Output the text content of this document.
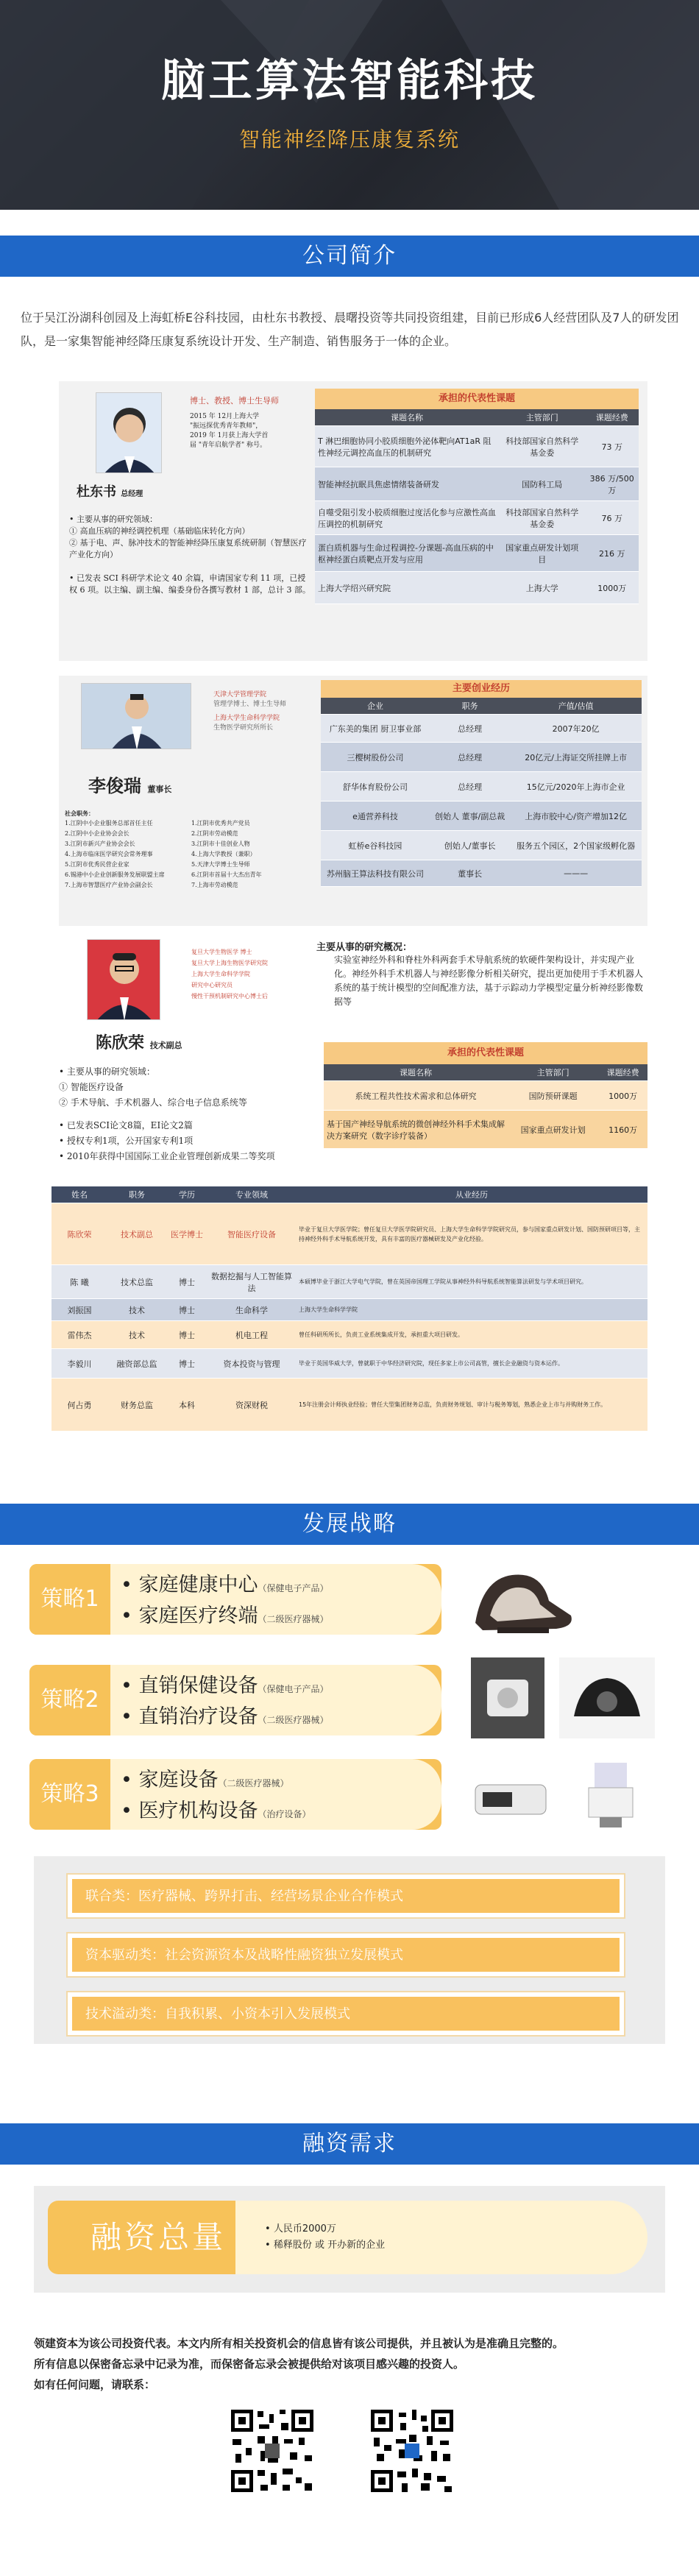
脑王算法智能科技
智能神经降压康复系统
公司简介
位于吴江汾湖科创园及上海虹桥E谷科技园，由杜东书教授、晨曙投资等共同投资组建，目前已形成6人经营团队及7人的研发团队，是一家集智能神经降压康复系统设计开发、生产制造、销售服务于一体的企业。
杜东书 总经理
博士、教授、博士生导师
2015 年 12月上海大学
"振远探优秀青年教师"，
2019 年 1月获上海大学首
届 "青年启航学者" 称号。
• 主要从事的研究领域：
① 高血压病的神经调控机理（基础临床转化方向）
② 基于电、声、脉冲技术的智能神经降压康复系统研制（智慧医疗产业化方向）
• 已发表 SCI 科研学术论文 40 余篇，申请国家专利 11 项，已授权 6 项。以主编、副主编、编委身份各撰写教材 1 部，总计 3 部。
承担的代表性课题
课题名称	主管部门	课题经费
T 淋巴细胞协同小胶质细胞外泌体靶向AT1aR 阻性神经元调控高血压的机制研究	科技部国家自然科学基金委	73 万
智能神经抗眠具焦虑情绪装备研发	国防科工局	386 万/500万
自噬受阻引发小胶质细胞过度活化参与应激性高血压调控的机制研究	科技部国家自然科学基金委	76 万
蛋白质机器与生命过程调控-分课题-高血压病的中枢神经蛋白质靶点开发与应用	国家重点研发计划项目	216 万
上海大学绍兴研究院	上海大学	1000万
天津大学管理学院
管理学博士、博士生导师
上海大学生命科学学院
生物医学研究所所长
李俊瑞 董事长
社会职务：
1.江阴中小企业服务总部首任主任
2.江阴中小企业协会会长
3.江阴市新兴产业协会会长
4.上海市临床医学研究会常务理事
5.江阴市优秀民营企业家
6.锡港中小企业创新服务发展联盟主席
7.上海市智慧医疗产业协会副会长
1.江阴市优秀共产党员
2.江阴市劳动模范
3.江阴市十佳创业人物
4.上海大学教授（兼职）
5.天津大学博士生导师
6.江阴市首届十大杰出青年
7.上海市劳动模范
主要创业经历
企业	职务	产值/估值
广东美的集团 厨卫事业部	总经理	2007年20亿
三樱树股份公司	总经理	20亿元/上海证交所挂牌上市
舒华体育股份公司	总经理	15亿元/2020年上海市企业
e通营养科技	创始人 董事/副总裁	上海市胶中心/资产增加12亿
虹桥e谷科技园	创始人/董事长	服务五个园区，2个国家级孵化器
苏州脑王算法科技有限公司	董事长	———
复旦大学生物医学 博士
复旦大学上海生物医学研究院
上海大学生命科学学院
研究中心研究员
慢性干预机制研究中心博士后
陈欣荣 技术副总
主要从事的研究概况：
实验室神经外科和脊柱外科两套手术导航系统的软硬件架构设计，并实现产业化。神经外科手术机器人与神经影像分析相关研究，提出更加使用于手术机器人系统的基于统计模型的空间配准方法，基于示踪动力学模型定量分析神经影像数据等
• 主要从事的研究领域：
① 智能医疗设备
② 手术导航、手术机器人、综合电子信息系统等
• 已发表SCI论文8篇，EI论文2篇
• 授权专利1项，公开国家专利1项
• 2010年获得中国国际工业企业管理创新成果二等奖项
承担的代表性课题
课题名称	主管部门	课题经费
系统工程共性技术需求和总体研究	国防预研课题	1000万
基于国产神经导航系统的微创神经外科手术集成解决方案研究（数字诊疗装备）	国家重点研发计划	1160万
姓名	职务	学历	专业领域	从业经历
陈欣荣	技术副总	医学博士	智能医疗设备	毕业于复旦大学医学院；曾任复旦大学医学院研究员、上海大学生命科学学院研究员，参与国家重点研发计划、国防预研项目等，主持神经外科手术导航系统开发，具有丰富的医疗器械研发及产业化经验。
陈 曦	技术总监	博士	数据挖掘与人工智能算法	本硕博毕业于浙江大学电气学院，曾在英国帝国理工学院从事神经外科导航系统智能算法研发与学术项目研究。
刘振国	技术	博士	生命科学	上海大学生命科学学院
雷伟杰	技术	博士	机电工程	曾任科研所所长，负责工业系统集成开发，承担重大项目研发。
李毅川	融资部总监	博士	资本投资与管理	毕业于英国华威大学，曾就职于中华经济研究院，现任多家上市公司高管，擅长企业融资与资本运作。
何占勇	财务总监	本科	资深财税	15年注册会计师执业经验；曾任大型集团财务总监，负责财务规划、审计与税务筹划，熟悉企业上市与并购财务工作。
发展战略
策略1
• 家庭健康中心（保健电子产品）
• 家庭医疗终端（二级医疗器械）
策略2
• 直销保健设备（保健电子产品）
• 直销治疗设备（二级医疗器械）
策略3
• 家庭设备（二级医疗器械）
• 医疗机构设备（治疗设备）
联合类：医疗器械、跨界打击、经营场景企业合作模式
资本驱动类：社会资源资本及战略性融资独立发展模式
技术溢动类：自我积累、小资本引入发展模式
融资需求
融资总量	• 人民币2000万
• 稀释股份 或 开办新的企业
领建资本为该公司投资代表。本文内所有相关投资机会的信息皆有该公司提供，并且被认为是准确且完整的。
所有信息以保密备忘录中记录为准，而保密备忘录会被提供给对该项目感兴趣的投资人。
如有任何问题，请联系：
